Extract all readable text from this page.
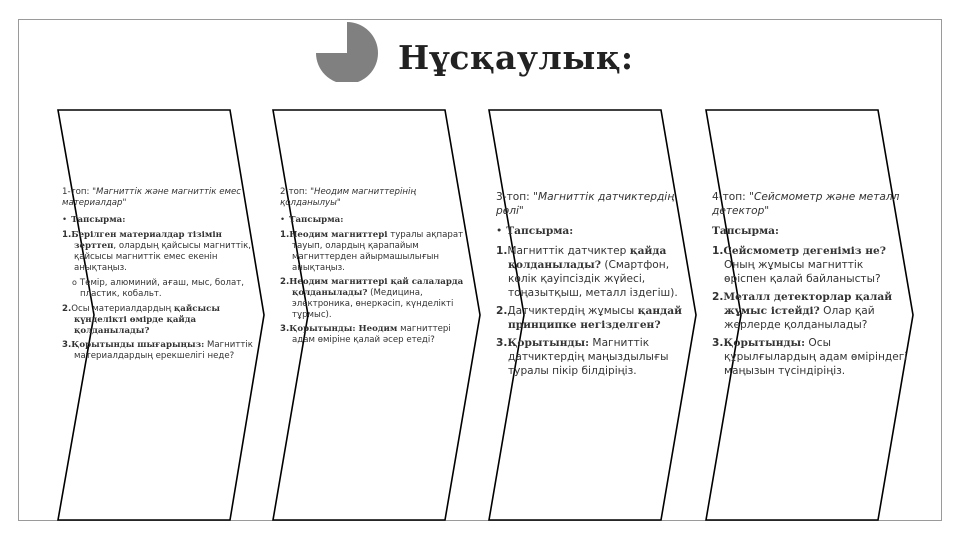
Нұсқаулық:
1-топ: "Магниттік және магниттік емес материалдар"
• Тапсырма:
1.Берілген материалдар тізімін зерттеп, олардың қайсысы магниттік, қайсысы магниттік емес екенін анықтаңыз.
o Темір, алюминий, ағаш, мыс, болат, пластик, кобальт.
2.Осы материалдардың қайсысы күнделікті өмірде қайда қолданылады?
3.Қорытынды шығарыңыз: Магниттік материалдардың ерекшелігі неде?
2-топ: "Неодим магниттерінің қолданылуы"
• Тапсырма:
1.Неодим магниттері туралы ақпарат тауып, олардың қарапайым магниттерден айырмашылығын анықтаңыз.
2.Неодим магниттері қай салаларда қолданылады? (Медицина, электроника, өнеркәсіп, күнделікті тұрмыс).
3.Қорытынды: Неодим магниттері адам өміріне қалай әсер етеді?
3-топ: "Магниттік датчиктердің рөлі"
• Тапсырма:
1.Магниттік датчиктер қайда қолданылады? (Смартфон, көлік қауіпсіздік жүйесі, тоңазытқыш, металл іздегіш).
2.Датчиктердің жұмысы қандай принципке негізделген?
3.Қорытынды: Магниттік датчиктердің маңыздылығы туралы пікір білдіріңіз.
4-топ: "Сейсмометр және металл детектор"
Тапсырма:
1.Сейсмометр дегеніміз не? Оның жұмысы магниттік өріспен қалай байланысты?
2.Металл детекторлар қалай жұмыс істейді? Олар қай жерлерде қолданылады?
3.Қорытынды: Осы құрылғылардың адам өміріндегі маңызын түсіндіріңіз.
